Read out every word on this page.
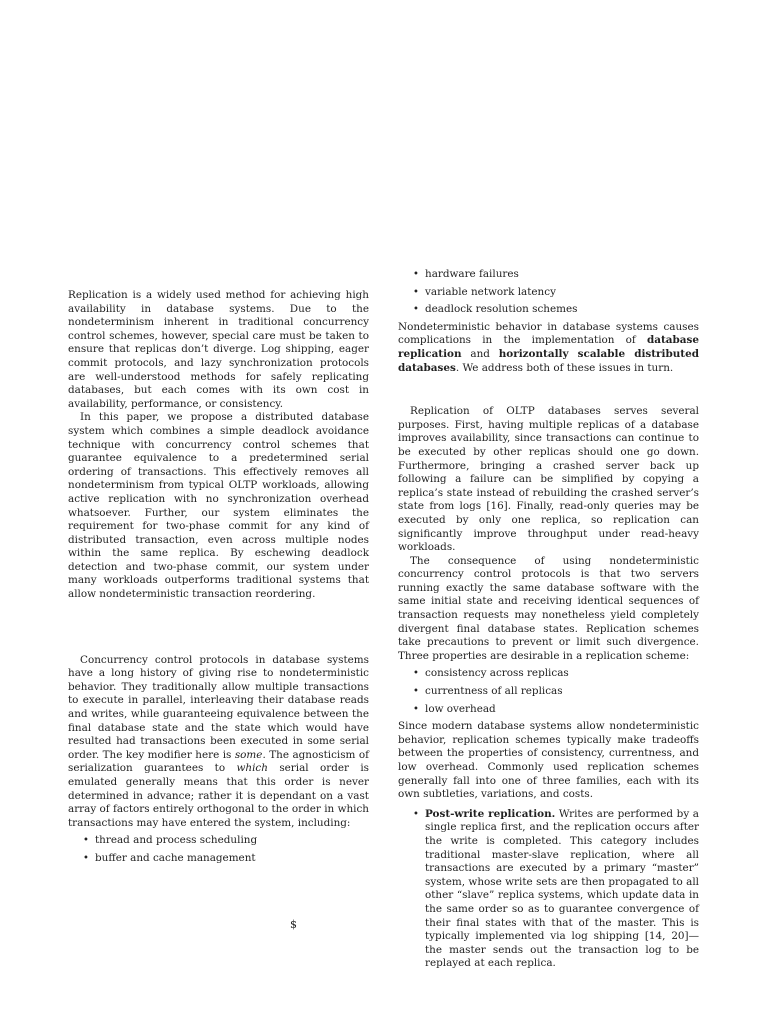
Replication is a widely used method for achieving high availability in database systems. Due to the nondeterminism inherent in traditional concurrency control schemes, however, special care must be taken to ensure that replicas don’t diverge. Log shipping, eager commit protocols, and lazy synchronization protocols are well-understood methods for safely replicating databases, but each comes with its own cost in availability, performance, or consistency.

In this paper, we propose a distributed database system which combines a simple deadlock avoidance technique with concurrency control schemes that guarantee equivalence to a predetermined serial ordering of transactions. This effectively removes all nondeterminism from typical OLTP workloads, allowing active replication with no synchronization overhead whatsoever. Further, our system eliminates the requirement for two-phase commit for any kind of distributed transaction, even across multiple nodes within the same replica. By eschewing deadlock detection and two-phase commit, our system under many workloads outperforms traditional systems that allow nondeterministic transaction reordering.

Concurrency control protocols in database systems have a long history of giving rise to nondeterministic behavior. They traditionally allow multiple transactions to execute in parallel, interleaving their database reads and writes, while guaranteeing equivalence between the final database state and the state which would have resulted had transactions been executed in some serial order. The key modifier here is some. The agnosticism of serialization guarantees to which serial order is emulated generally means that this order is never determined in advance; rather it is dependant on a vast array of factors entirely orthogonal to the order in which transactions may have entered the system, including:

• thread and process scheduling
• buffer and cache management
$
• hardware failures
• variable network latency
• deadlock resolution schemes

Nondeterministic behavior in database systems causes complications in the implementation of database replication and horizontally scalable distributed databases. We address both of these issues in turn.

Replication of OLTP databases serves several purposes. First, having multiple replicas of a database improves availability, since transactions can continue to be executed by other replicas should one go down. Furthermore, bringing a crashed server back up following a failure can be simplified by copying a replica’s state instead of rebuilding the crashed server’s state from logs [16]. Finally, read-only queries may be executed by only one replica, so replication can significantly improve throughput under read-heavy workloads.

The consequence of using nondeterministic concurrency control protocols is that two servers running exactly the same database software with the same initial state and receiving identical sequences of transaction requests may nonetheless yield completely divergent final database states. Replication schemes take precautions to prevent or limit such divergence. Three properties are desirable in a replication scheme:

• consistency across replicas
• currentness of all replicas
• low overhead

Since modern database systems allow nondeterministic behavior, replication schemes typically make tradeoffs between the properties of consistency, currentness, and low overhead. Commonly used replication schemes generally fall into one of three families, each with its own subtleties, variations, and costs.

• Post-write replication. Writes are performed by a single replica first, and the replication occurs after the write is completed. This category includes traditional master-slave replication, where all transactions are executed by a primary “master” system, whose write sets are then propagated to all other “slave” replica systems, which update data in the same order so as to guarantee convergence of their final states with that of the master. This is typically implemented via log shipping [14, 20]—the master sends out the transaction log to be replayed at each replica.
